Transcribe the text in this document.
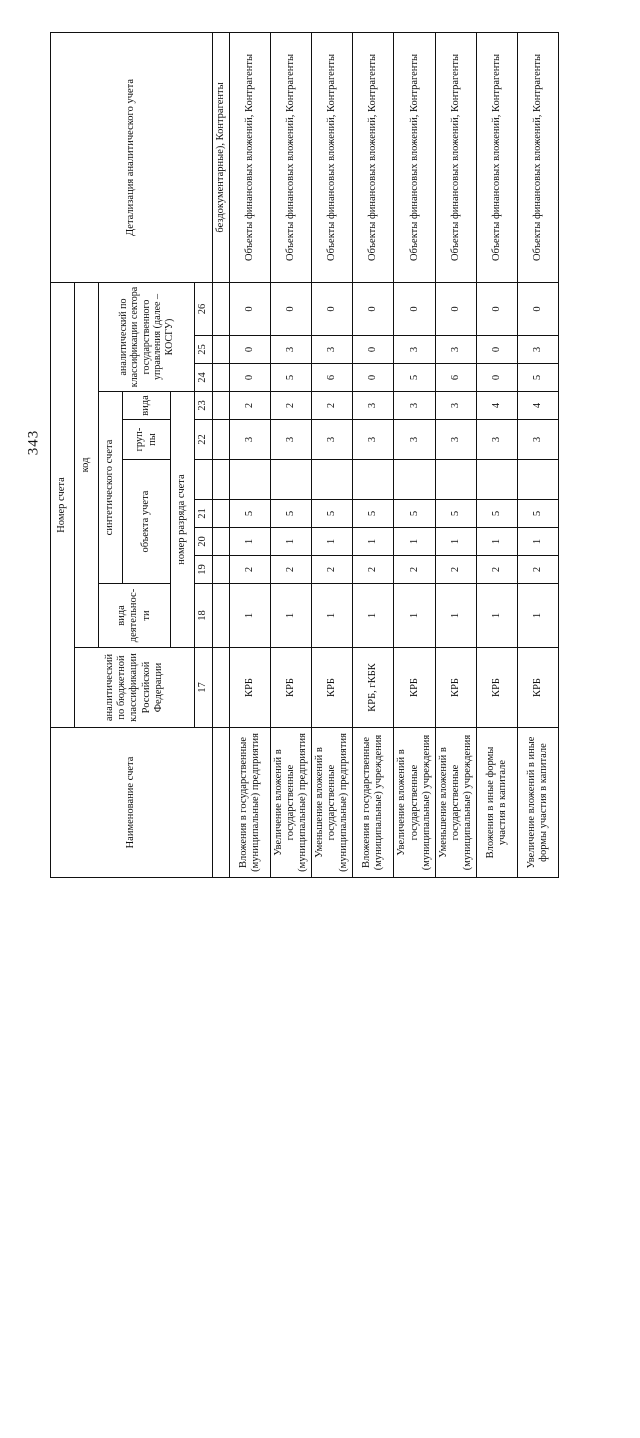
343
Наименование счета	Номер счета											Детализация аналитического учета
	аналитический по бюджетной классификации Российской Федерации	код										
		вида деятельнос-ти	синтетического счета						аналитический по классификации сектора государственного управления (далее – КОСГУ)			
			объекта учета				груп-пы	вида				
		номер разряда счета										
	17	18	19	20	21		22	23	24	25	26	
												бездокументарные), Контрагенты
Вложения в государственные (муниципальные) предприятия	КРБ	1	2	1	5		3	2	0	0	0	Объекты финансовых вложений, Контрагенты
Увеличение вложений в государственные (муниципальные) предприятия	КРБ	1	2	1	5		3	2	5	3	0	Объекты финансовых вложений, Контрагенты
Уменьшение вложений в государственные (муниципальные) предприятия	КРБ	1	2	1	5		3	2	6	3	0	Объекты финансовых вложений, Контрагенты
Вложения в государственные (муниципальные) учреждения	КРБ, гКБК	1	2	1	5		3	3	0	0	0	Объекты финансовых вложений, Контрагенты
Увеличение вложений в государственные (муниципальные) учреждения	КРБ	1	2	1	5		3	3	5	3	0	Объекты финансовых вложений, Контрагенты
Уменьшение вложений в государственные (муниципальные) учреждения	КРБ	1	2	1	5		3	3	6	3	0	Объекты финансовых вложений, Контрагенты
Вложения в иные формы участия в капитале	КРБ	1	2	1	5		3	4	0	0	0	Объекты финансовых вложений, Контрагенты
Увеличение вложений в иные формы участия в капитале	КРБ	1	2	1	5		3	4	5	3	0	Объекты финансовых вложений, Контрагенты
